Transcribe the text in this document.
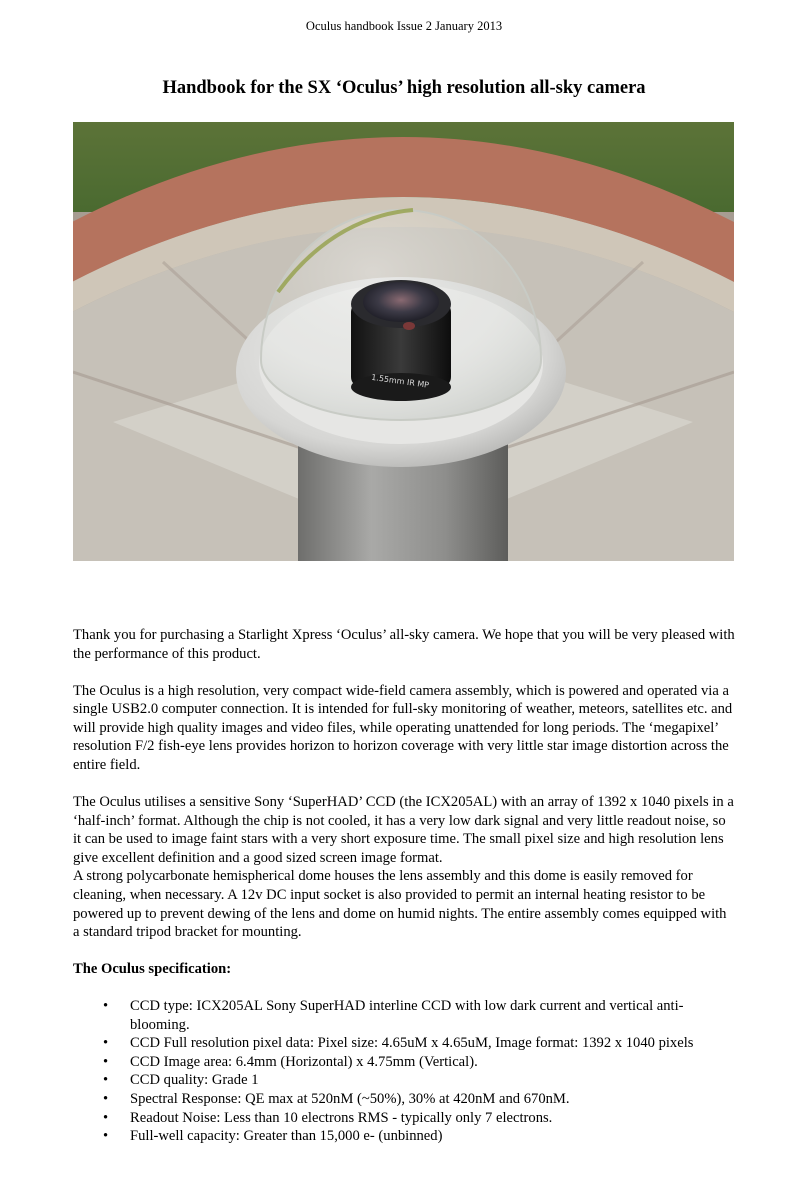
Oculus handbook Issue 2 January 2013
Handbook for the SX ‘Oculus’ high resolution all-sky camera
1.55mm IR MP

Thank you for purchasing a Starlight Xpress ‘Oculus’ all-sky camera. We hope that you will be very pleased with the performance of this product.

The Oculus is a high resolution, very compact wide-field camera assembly, which is powered and operated via a single USB2.0 computer connection. It is intended for full-sky monitoring of weather, meteors, satellites etc. and will provide high quality images and video files, while operating unattended for long periods. The ‘megapixel’ resolution F/2 fish-eye lens provides horizon to horizon coverage with very little star image distortion across the entire field.

The Oculus utilises a sensitive Sony ‘SuperHAD’ CCD (the ICX205AL) with an array of 1392 x 1040 pixels in a ‘half-inch’ format. Although the chip is not cooled, it has a very low dark signal and very little readout noise, so it can be used to image faint stars with a very short exposure time. The small pixel size and high resolution lens give excellent definition and a good sized screen image format.

A strong polycarbonate hemispherical dome houses the lens assembly and this dome is easily removed for cleaning, when necessary. A 12v DC input socket is also provided to permit an internal heating resistor to be powered up to prevent dewing of the lens and dome on humid nights. The entire assembly comes equipped with a standard tripod bracket for mounting.

The Oculus specification:

• CCD type: ICX205AL Sony SuperHAD interline CCD with low dark current and vertical anti-blooming.
• CCD Full resolution pixel data: Pixel size: 4.65uM x 4.65uM, Image format: 1392 x 1040 pixels
• CCD Image area: 6.4mm (Horizontal) x 4.75mm (Vertical).
• CCD quality: Grade 1
• Spectral Response: QE max at 520nM (~50%), 30% at 420nM and 670nM.
• Readout Noise: Less than 10 electrons RMS - typically only 7 electrons.
• Full-well capacity: Greater than 15,000 e- (unbinned)
